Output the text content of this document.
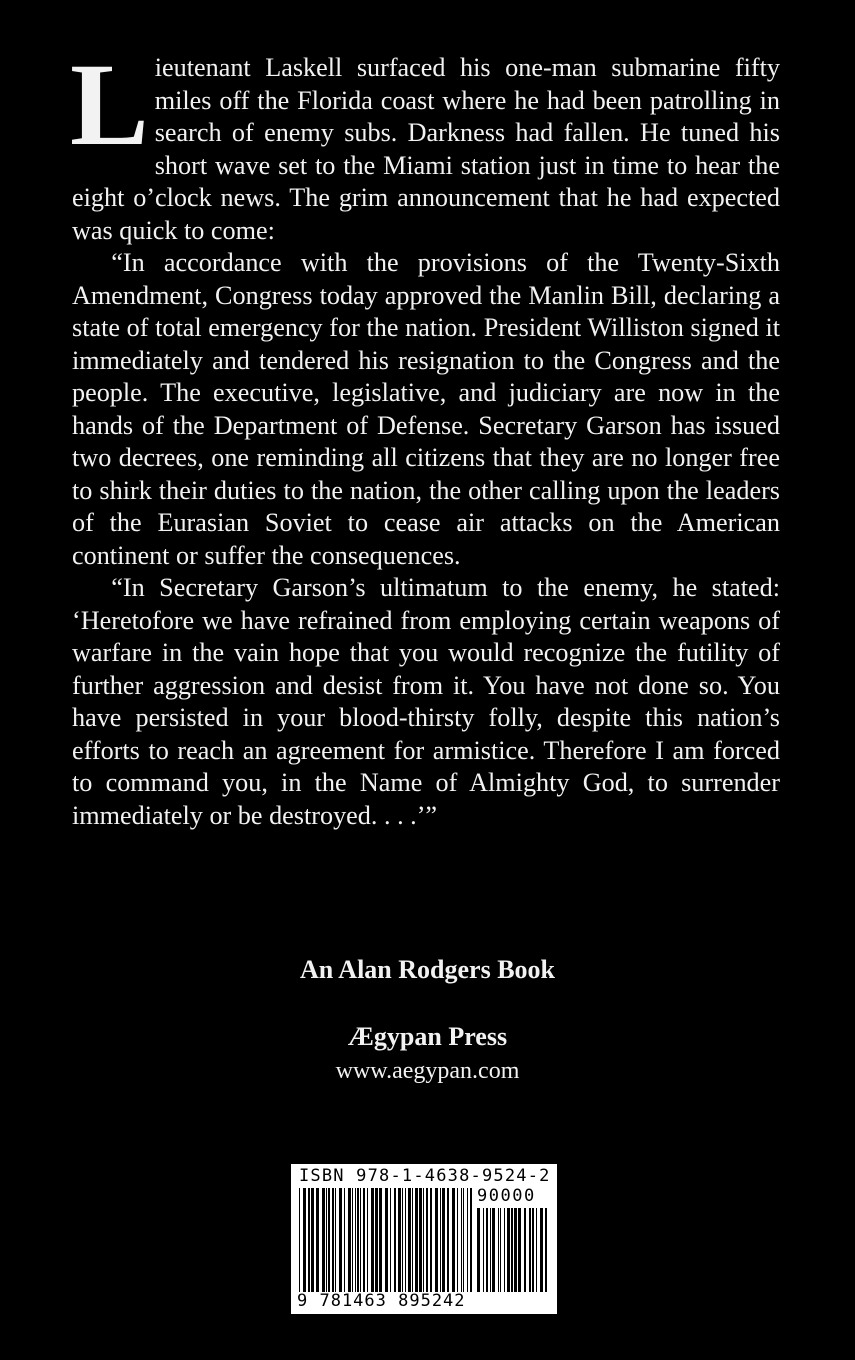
Lieutenant Laskell surfaced his one-man submarine fifty miles off the Florida coast where he had been patrolling in search of enemy subs. Darkness had fallen. He tuned his short wave set to the Miami station just in time to hear the eight o’clock news. The grim announcement that he had expected was quick to come:

“In accordance with the provisions of the Twenty-Sixth Amendment, Congress today approved the Manlin Bill, declaring a state of total emergency for the nation. President Williston signed it immediately and tendered his resignation to the Congress and the people. The executive, legislative, and judiciary are now in the hands of the Department of Defense. Secretary Garson has issued two decrees, one reminding all citizens that they are no longer free to shirk their duties to the nation, the other calling upon the leaders of the Eurasian Soviet to cease air attacks on the American continent or suffer the consequences.

“In Secretary Garson’s ultimatum to the enemy, he stated: ‘Heretofore we have refrained from employing certain weapons of warfare in the vain hope that you would recognize the futility of further aggression and desist from it. You have not done so. You have persisted in your blood-thirsty folly, despite this nation’s efforts to reach an agreement for armistice. Therefore I am forced to command you, in the Name of Almighty God, to surrender immediately or be destroyed. . . .’”

An Alan Rodgers Book
Ægypan Press
www.aegypan.com
ISBN 978-1-4638-9524-2
90000
9 781463 895242
